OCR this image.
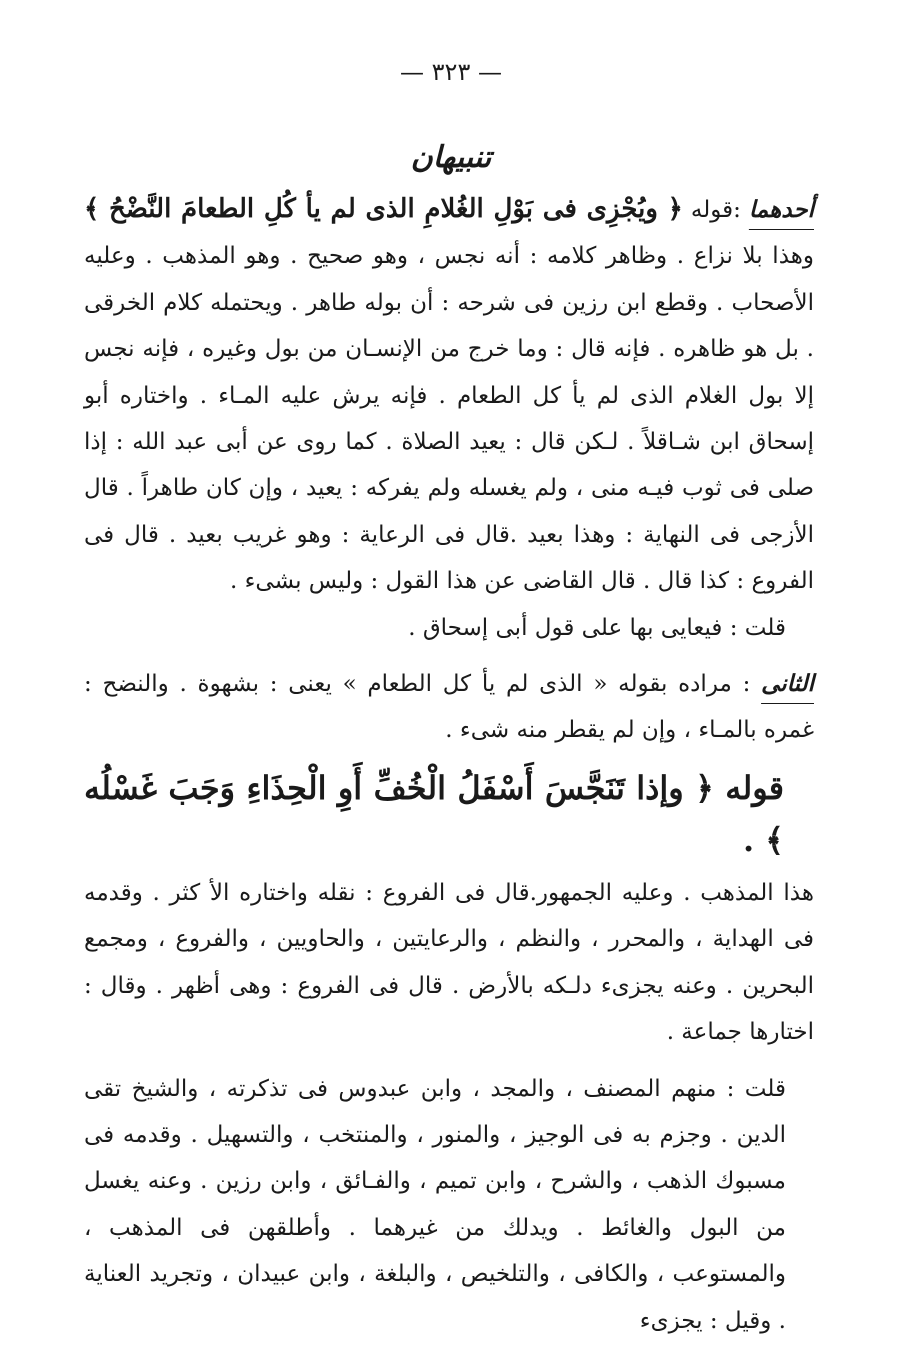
— ٣٢٣ —
تنبيهان

أحدهما :قوله ﴿ ويُجْزِى فى بَوْلِ الغُلامِ الذى لم يأ كُلِ الطعامَ النَّضْحُ ﴾ وهذا بلا نزاع . وظاهر كلامه : أنه نجس ، وهو صحيح . وهو المذهب . وعليه الأصحاب . وقطع ابن رزين فى شرحه : أن بوله طاهر . ويحتمله كلام الخرقى . بل هو ظاهره . فإنه قال : وما خرج من الإنسـان من بول وغيره ، فإنه نجس إلا بول الغلام الذى لم يأ كل الطعام . فإنه يرش عليه المـاء . واختاره أبو إسحاق ابن شـاقلاً . لـكن قال : يعيد الصلاة . كما روى عن أبى عبد الله : إذا صلى فى ثوب فيـه منى ، ولم يغسله ولم يفركه : يعيد ، وإن كان طاهراً . قال الأزجى فى النهاية : وهذا بعيد .قال فى الرعاية : وهو غريب بعيد . قال فى الفروع : كذا قال . قال القاضى عن هذا القول : وليس بشىء .

قلت : فيعايى بها على قول أبى إسحاق .

الثانى : مراده بقوله « الذى لم يأ كل الطعام » يعنى : بشهوة . والنضح : غمره بالمـاء ، وإن لم يقطر منه شىء .

قوله ﴿ وإذا تَنَجَّسَ أَسْفَلُ الْخُفِّ أَوِ الْحِذَاءِ وَجَبَ غَسْلُه ﴾ .

هذا المذهب . وعليه الجمهور.قال فى الفروع : نقله واختاره الأ كثر . وقدمه فى الهداية ، والمحرر ، والنظم ، والرعايتين ، والحاويين ، والفروع ، ومجمع البحرين . وعنه يجزىء دلـكه بالأرض . قال فى الفروع : وهى أظهر . وقال : اختارها جماعة .

قلت : منهم المصنف ، والمجد ، وابن عبدوس فى تذكرته ، والشيخ تقى الدين . وجزم به فى الوجيز ، والمنور ، والمنتخب ، والتسهيل . وقدمه فى مسبوك الذهب ، والشرح ، وابن تميم ، والفـائق ، وابن رزين . وعنه يغسل من البول والغائط . ويدلك من غيرهما . وأطلقهن فى المذهب ، والمستوعب ، والكافى ، والتلخيص ، والبلغة ، وابن عبيدان ، وتجريد العناية . وقيل : يجزىء
